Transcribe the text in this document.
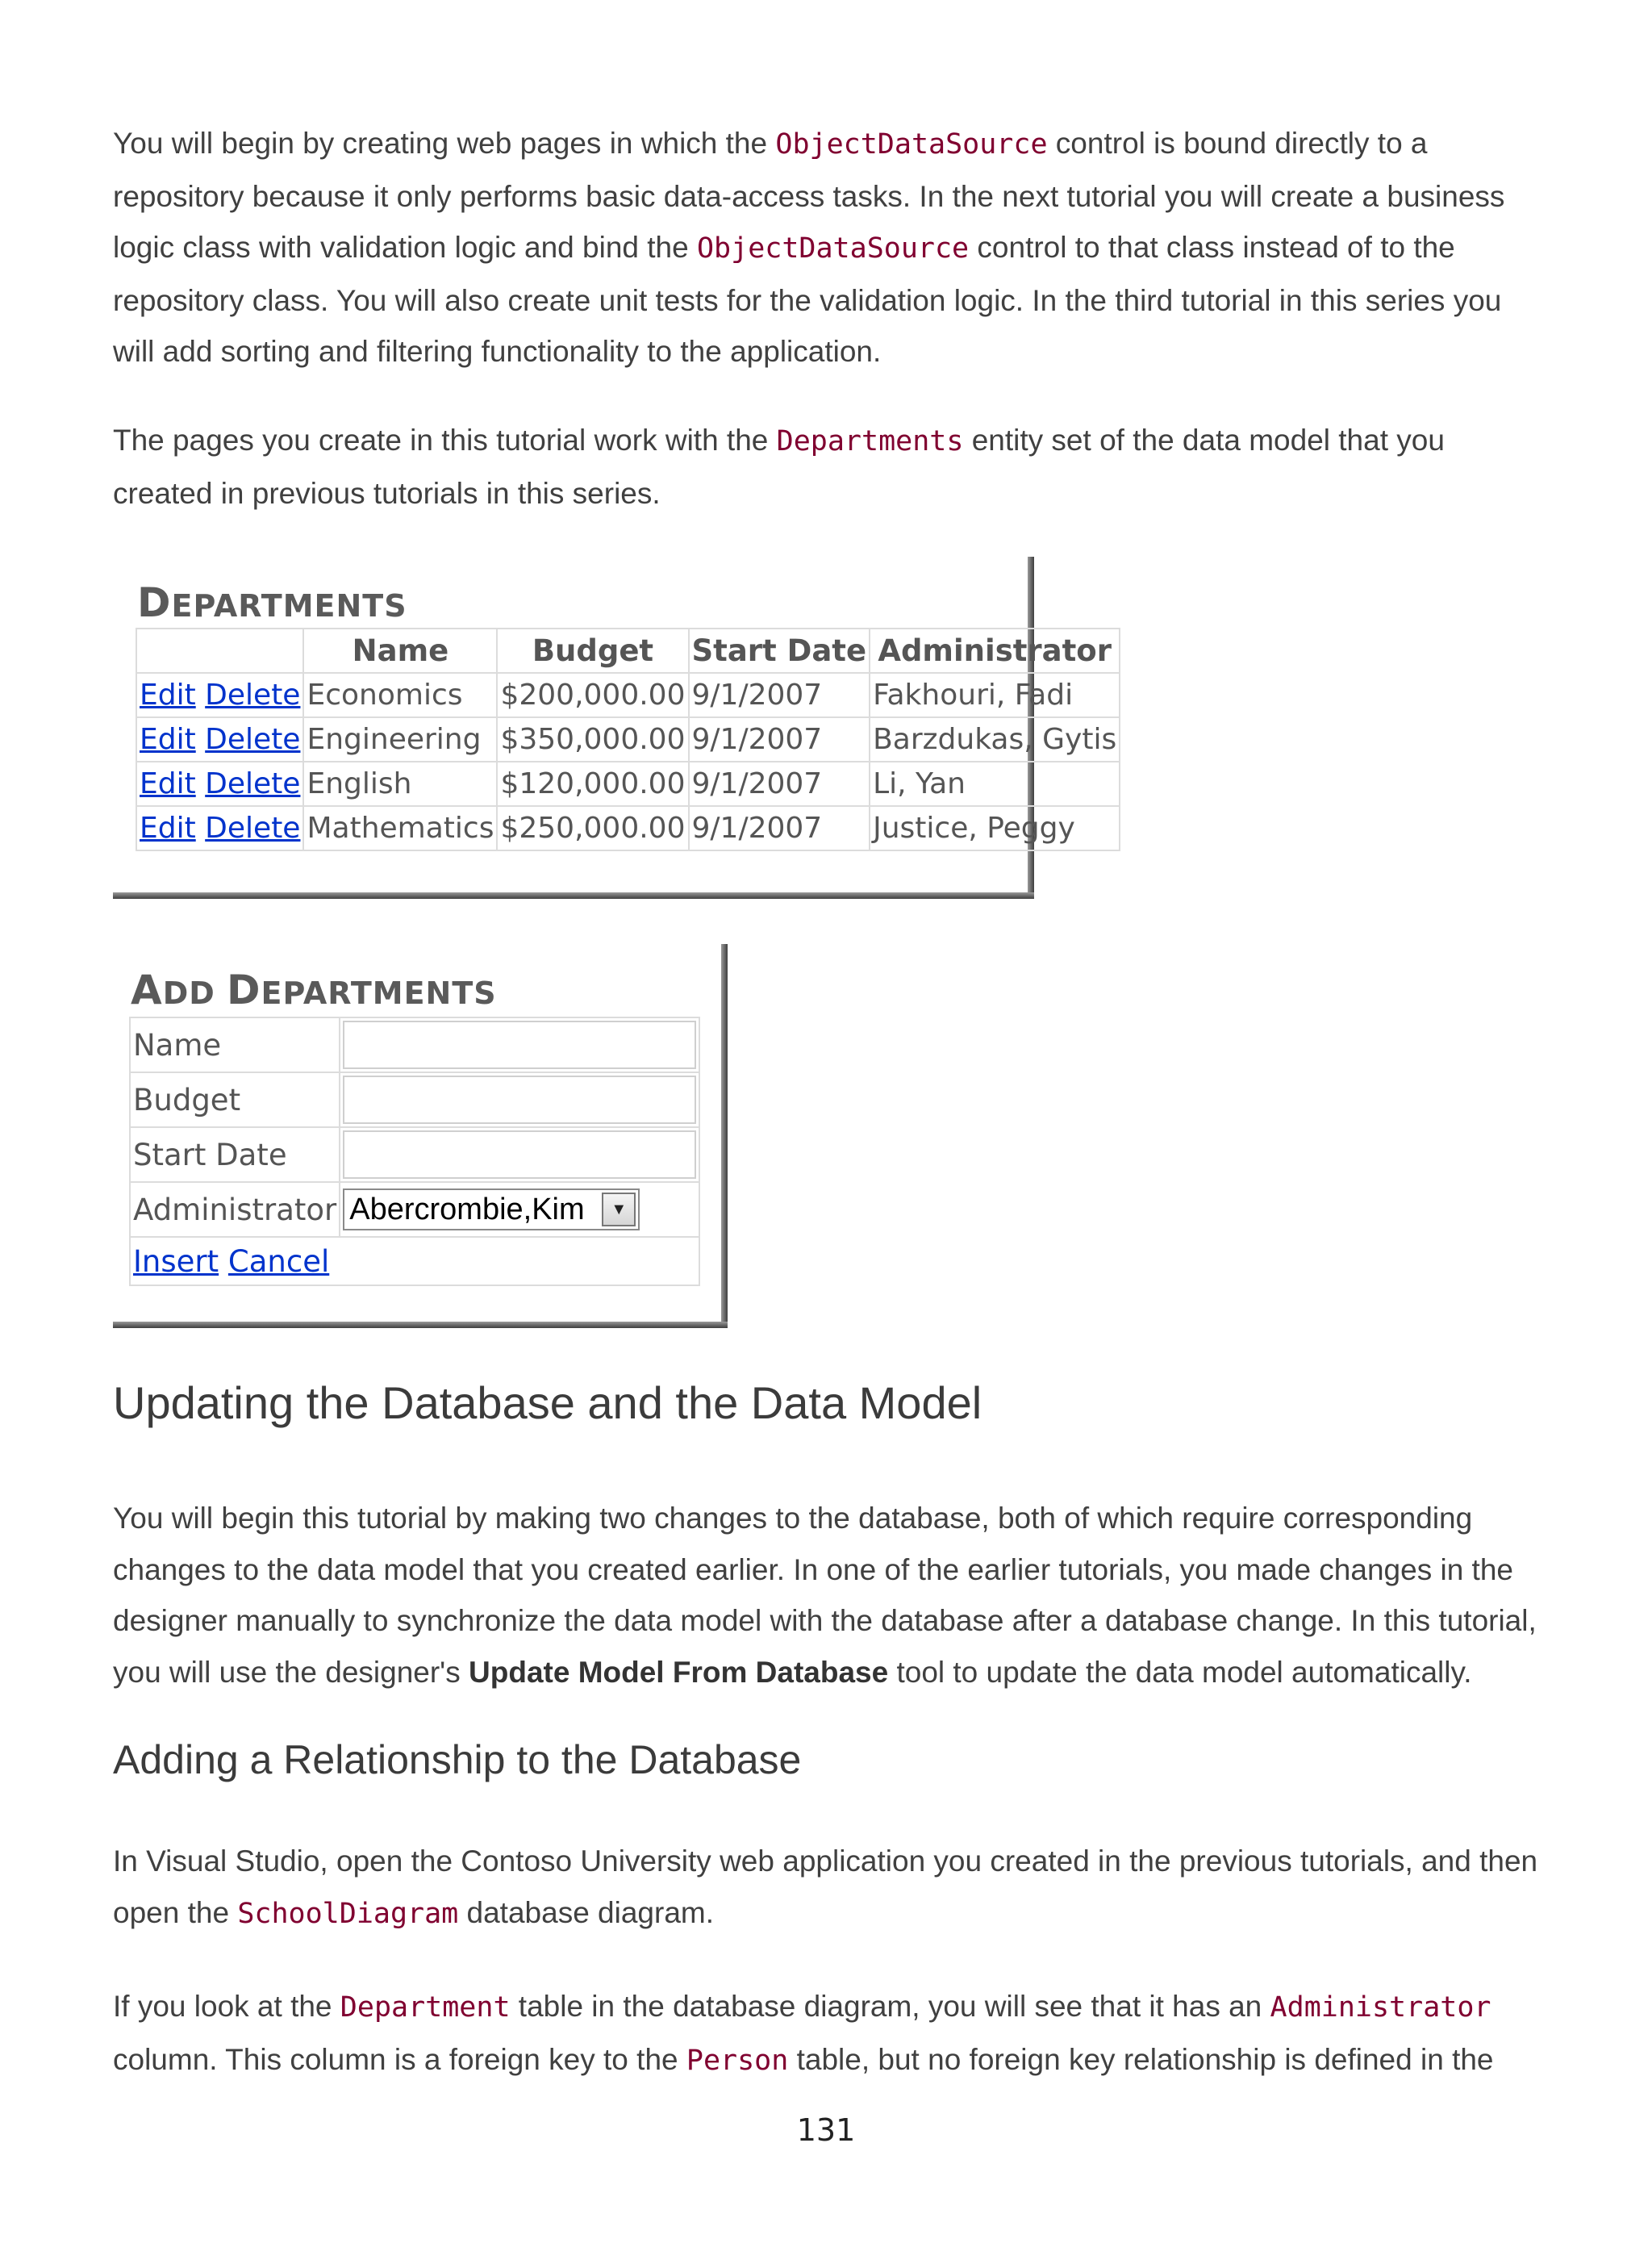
You will begin by creating web pages in which the ObjectDataSource control is bound directly to a repository because it only performs basic data-access tasks. In the next tutorial you will create a business logic class with validation logic and bind the ObjectDataSource control to that class instead of to the repository class. You will also create unit tests for the validation logic. In the third tutorial in this series you will add sorting and filtering functionality to the application.

The pages you create in this tutorial work with the Departments entity set of the data model that you created in previous tutorials in this series.

DEPARTMENTS
	Name	Budget	Start Date	Administrator
Edit Delete	Economics	$200,000.00	9/1/2007	Fakhouri, Fadi
Edit Delete	Engineering	$350,000.00	9/1/2007	Barzdukas, Gytis
Edit Delete	English	$120,000.00	9/1/2007	Li, Yan
Edit Delete	Mathematics	$250,000.00	9/1/2007	Justice, Peggy
ADD DEPARTMENTS
Name	

Budget	

Start Date	

Administrator	Abercrombie,Kim ▼

Insert Cancel	
Updating the Database and the Data Model

You will begin this tutorial by making two changes to the database, both of which require corresponding changes to the data model that you created earlier. In one of the earlier tutorials, you made changes in the designer manually to synchronize the data model with the database after a database change. In this tutorial, you will use the designer's Update Model From Database tool to update the data model automatically.

Adding a Relationship to the Database

In Visual Studio, open the Contoso University web application you created in the previous tutorials, and then open the SchoolDiagram database diagram.

If you look at the Department table in the database diagram, you will see that it has an Administrator column. This column is a foreign key to the Person table, but no foreign key relationship is defined in the

131
